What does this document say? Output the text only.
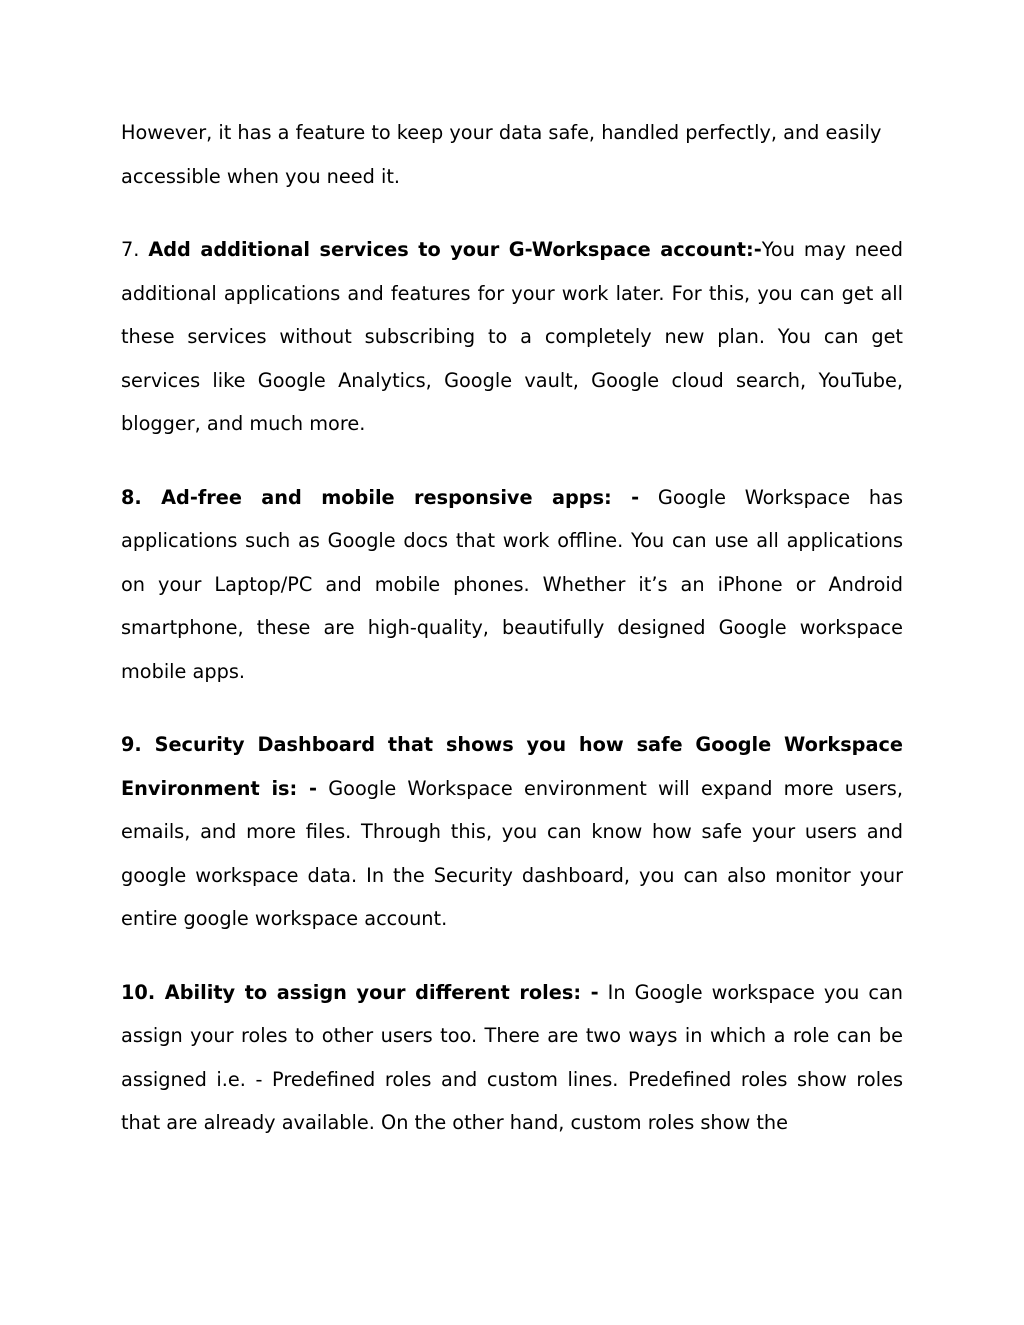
However, it has a feature to keep your data safe, handled perfectly, and easily accessible when you need it.

7. Add additional services to your G-Workspace account:-You may need additional applications and features for your work later. For this, you can get all these services without subscribing to a completely new plan. You can get services like Google Analytics, Google vault, Google cloud search, YouTube, blogger, and much more.

8. Ad-free and mobile responsive apps: - Google Workspace has applications such as Google docs that work offline. You can use all applications on your Laptop/PC and mobile phones. Whether it’s an iPhone or Android smartphone, these are high-quality, beautifully designed Google workspace mobile apps.

9. Security Dashboard that shows you how safe Google Workspace Environment is: - Google Workspace environment will expand more users, emails, and more files. Through this, you can know how safe your users and google workspace data. In the Security dashboard, you can also monitor your entire google workspace account.

10. Ability to assign your different roles: - In Google workspace you can assign your roles to other users too. There are two ways in which a role can be assigned i.e. - Predefined roles and custom lines. Predefined roles show roles that are already available. On the other hand, custom roles show the
